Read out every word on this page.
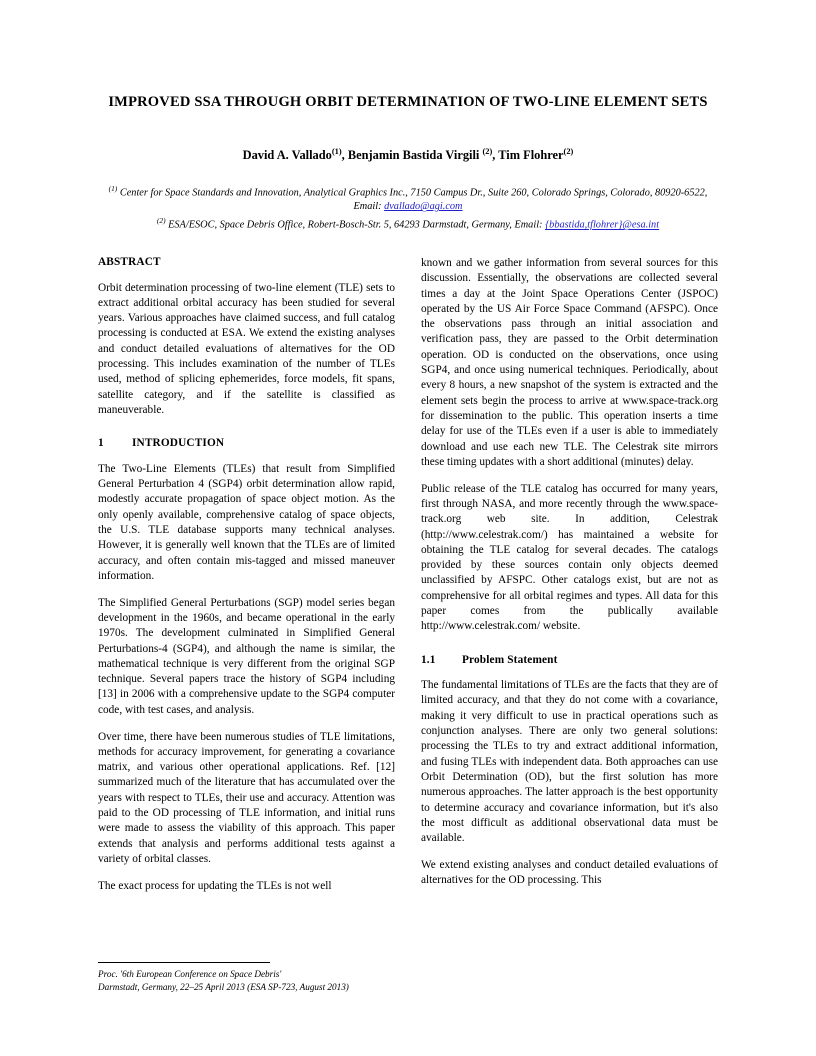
IMPROVED SSA THROUGH ORBIT DETERMINATION OF TWO-LINE ELEMENT SETS

David A. Vallado$^{(1)}$, Benjamin Bastida Virgili $^{(2)}$, Tim Flohrer$^{(2)}$

$^{(1)}$ Center for Space Standards and Innovation, Analytical Graphics Inc., 7150 Campus Dr., Suite 260, Colorado Springs, Colorado, 80920-6522, Email: dvallado@agi.com

$^{(2)}$ ESA/ESOC, Space Debris Office, Robert-Bosch-Str. 5, 64293 Darmstadt, Germany, Email: {bbastida,tflohrer}@esa.int

ABSTRACT

Orbit determination processing of two-line element (TLE) sets to extract additional orbital accuracy has been studied for several years. Various approaches have claimed success, and full catalog processing is conducted at ESA. We extend the existing analyses and conduct detailed evaluations of alternatives for the OD processing. This includes examination of the number of TLEs used, method of splicing ephemerides, force models, fit spans, satellite category, and if the satellite is classified as maneuverable.

1 INTRODUCTION

The Two-Line Elements (TLEs) that result from Simplified General Perturbation 4 (SGP4) orbit determination allow rapid, modestly accurate propagation of space object motion. As the only openly available, comprehensive catalog of space objects, the U.S. TLE database supports many technical analyses. However, it is generally well known that the TLEs are of limited accuracy, and often contain mis-tagged and missed maneuver information.

The Simplified General Perturbations (SGP) model series began development in the 1960s, and became operational in the early 1970s. The development culminated in Simplified General Perturbations-4 (SGP4), and although the name is similar, the mathematical technique is very different from the original SGP technique. Several papers trace the history of SGP4 including [13] in 2006 with a comprehensive update to the SGP4 computer code, with test cases, and analysis.

Over time, there have been numerous studies of TLE limitations, methods for accuracy improvement, for generating a covariance matrix, and various other operational applications. Ref. [12] summarized much of the literature that has accumulated over the years with respect to TLEs, their use and accuracy. Attention was paid to the OD processing of TLE information, and initial runs were made to assess the viability of this approach. This paper extends that analysis and performs additional tests against a variety of orbital classes.

The exact process for updating the TLEs is not well

known and we gather information from several sources for this discussion. Essentially, the observations are collected several times a day at the Joint Space Operations Center (JSPOC) operated by the US Air Force Space Command (AFSPC). Once the observations pass through an initial association and verification pass, they are passed to the Orbit determination operation. OD is conducted on the observations, once using SGP4, and once using numerical techniques. Periodically, about every 8 hours, a new snapshot of the system is extracted and the element sets begin the process to arrive at www.space-track.org for dissemination to the public. This operation inserts a time delay for use of the TLEs even if a user is able to immediately download and use each new TLE. The Celestrak site mirrors these timing updates with a short additional (minutes) delay.

Public release of the TLE catalog has occurred for many years, first through NASA, and more recently through the www.space-track.org web site. In addition, Celestrak (http://www.celestrak.com/) has maintained a website for obtaining the TLE catalog for several decades. The catalogs provided by these sources contain only objects deemed unclassified by AFSPC. Other catalogs exist, but are not as comprehensive for all orbital regimes and types. All data for this paper comes from the publically available http://www.celestrak.com/ website.

1.1 Problem Statement

The fundamental limitations of TLEs are the facts that they are of limited accuracy, and that they do not come with a covariance, making it very difficult to use in practical operations such as conjunction analyses. There are only two general solutions: processing the TLEs to try and extract additional information, and fusing TLEs with independent data. Both approaches can use Orbit Determination (OD), but the first solution has more numerous approaches. The latter approach is the best opportunity to determine accuracy and covariance information, but it's also the most difficult as additional observational data must be available.

We extend existing analyses and conduct detailed evaluations of alternatives for the OD processing. This

Proc. '6th European Conference on Space Debris'
Darmstadt, Germany, 22–25 April 2013 (ESA SP-723, August 2013)
